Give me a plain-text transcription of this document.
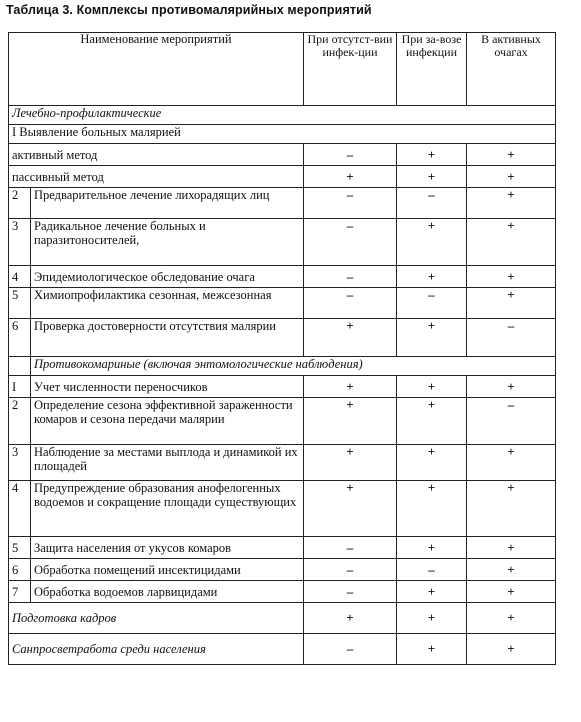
Таблица 3. Комплексы противомалярийных мероприятий
Наименование мероприятий		При отсутст-вии инфек-ции	При за-возе инфекции	В активных очагах
Лечебно-профилактические				
I Выявление больных малярией				
активный метод		–	+	+
пассивный метод		+	+	+
2	Предварительное лечение лихорадящих лиц	–	–	+
3	Радикальное лечение больных и паразитоносителей,	–	+	+
4	Эпидемиологическое обследование очага	–	+	+
5	Химиопрофилактика сезонная, межсезонная	–	–	+
6	Проверка достоверности отсутствия малярии	+	+	–
	Противокомариные (включая энтомологические наблюдения)			
I	Учет численности переносчиков	+	+	+
2	Определение сезона эффективной зараженности комаров и сезона передачи малярии	+	+	–
3	Наблюдение за местами выплода и динамикой их площадей	+	+	+
4	Предупреждение образования анофелогенных водоемов и сокращение площади существующих	+	+	+
5	Защита населения от укусов комаров	–	+	+
6	Обработка помещений инсектицидами	–	–	+
7	Обработка водоемов ларвицидами	–	+	+
Подготовка кадров		+	+	+
Санпросветработа среди населения		–	+	+
